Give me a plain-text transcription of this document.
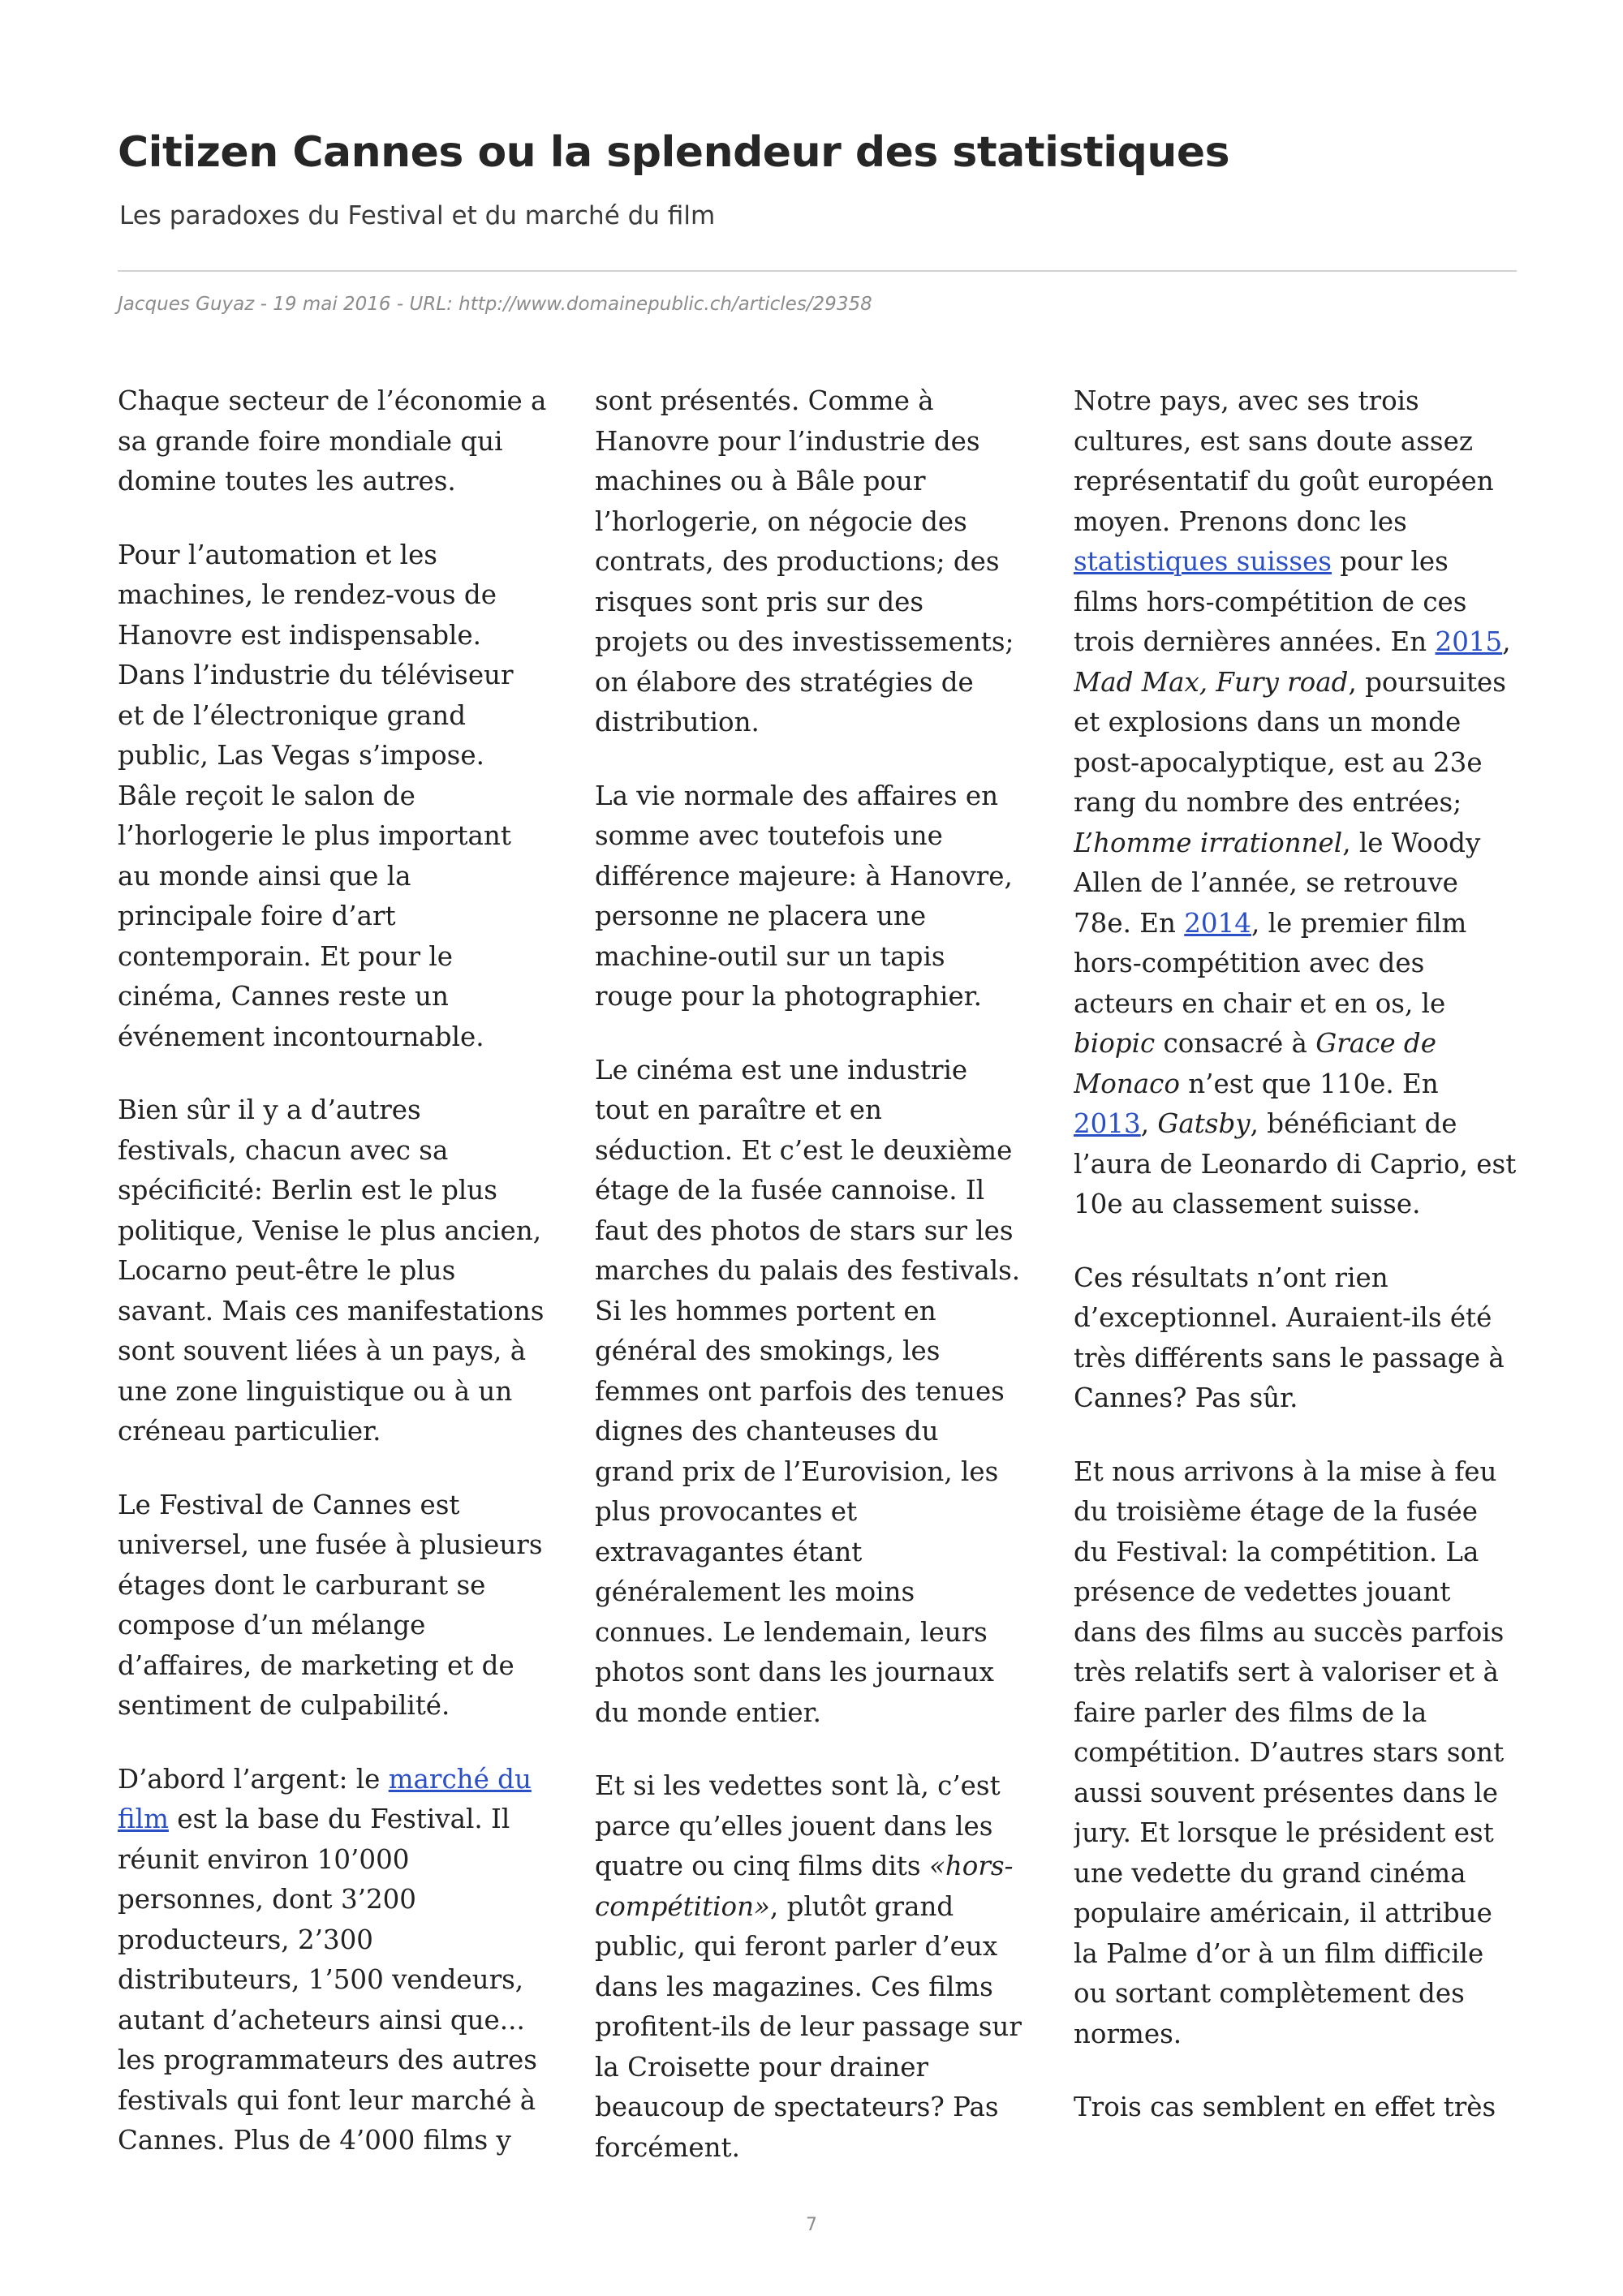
Citizen Cannes ou la splendeur des statistiques

Les paradoxes du Festival et du marché du film

Jacques Guyaz - 19 mai 2016 - URL: http://www.domainepublic.ch/articles/29358

Chaque secteur de l’économie a sa grande foire mondiale qui domine toutes les autres.

Pour l’automation et les machines, le rendez-vous de Hanovre est indispensable. Dans l’industrie du téléviseur et de l’électronique grand public, Las Vegas s’impose. Bâle reçoit le salon de l’horlogerie le plus important au monde ainsi que la principale foire d’art contemporain. Et pour le cinéma, Cannes reste un événement incontournable.

Bien sûr il y a d’autres festivals, chacun avec sa spécificité: Berlin est le plus politique, Venise le plus ancien, Locarno peut-être le plus savant. Mais ces manifestations sont souvent liées à un pays, à une zone linguistique ou à un créneau particulier.

Le Festival de Cannes est universel, une fusée à plusieurs étages dont le carburant se compose d’un mélange d’affaires, de marketing et de sentiment de culpabilité.

D’abord l’argent: le marché du film est la base du Festival. Il réunit environ 10’000 personnes, dont 3’200 producteurs, 2’300 distributeurs, 1’500 vendeurs, autant d’acheteurs ainsi que... les programmateurs des autres festivals qui font leur marché à Cannes. Plus de 4’000 films y

sont présentés. Comme à Hanovre pour l’industrie des machines ou à Bâle pour l’horlogerie, on négocie des contrats, des productions; des risques sont pris sur des projets ou des investissements; on élabore des stratégies de distribution.

La vie normale des affaires en somme avec toutefois une différence majeure: à Hanovre, personne ne placera une machine-outil sur un tapis rouge pour la photographier.

Le cinéma est une industrie tout en paraître et en séduction. Et c’est le deuxième étage de la fusée cannoise. Il faut des photos de stars sur les marches du palais des festivals. Si les hommes portent en général des smokings, les femmes ont parfois des tenues dignes des chanteuses du grand prix de l’Eurovision, les plus provocantes et extravagantes étant généralement les moins connues. Le lendemain, leurs photos sont dans les journaux du monde entier.

Et si les vedettes sont là, c’est parce qu’elles jouent dans les quatre ou cinq films dits «hors-compétition», plutôt grand public, qui feront parler d’eux dans les magazines. Ces films profitent-ils de leur passage sur la Croisette pour drainer beaucoup de spectateurs? Pas forcément.

Notre pays, avec ses trois cultures, est sans doute assez représentatif du goût européen moyen. Prenons donc les statistiques suisses pour les films hors-compétition de ces trois dernières années. En 2015, Mad Max, Fury road, poursuites et explosions dans un monde post-apocalyptique, est au 23e rang du nombre des entrées; L’homme irrationnel, le Woody Allen de l’année, se retrouve 78e. En 2014, le premier film hors-compétition avec des acteurs en chair et en os, le biopic consacré à Grace de Monaco n’est que 110e. En 2013, Gatsby, bénéficiant de l’aura de Leonardo di Caprio, est 10e au classement suisse.

Ces résultats n’ont rien d’exceptionnel. Auraient-ils été très différents sans le passage à Cannes? Pas sûr.

Et nous arrivons à la mise à feu du troisième étage de la fusée du Festival: la compétition. La présence de vedettes jouant dans des films au succès parfois très relatifs sert à valoriser et à faire parler des films de la compétition. D’autres stars sont aussi souvent présentes dans le jury. Et lorsque le président est une vedette du grand cinéma populaire américain, il attribue la Palme d’or à un film difficile ou sortant complètement des normes.

Trois cas semblent en effet très

7
